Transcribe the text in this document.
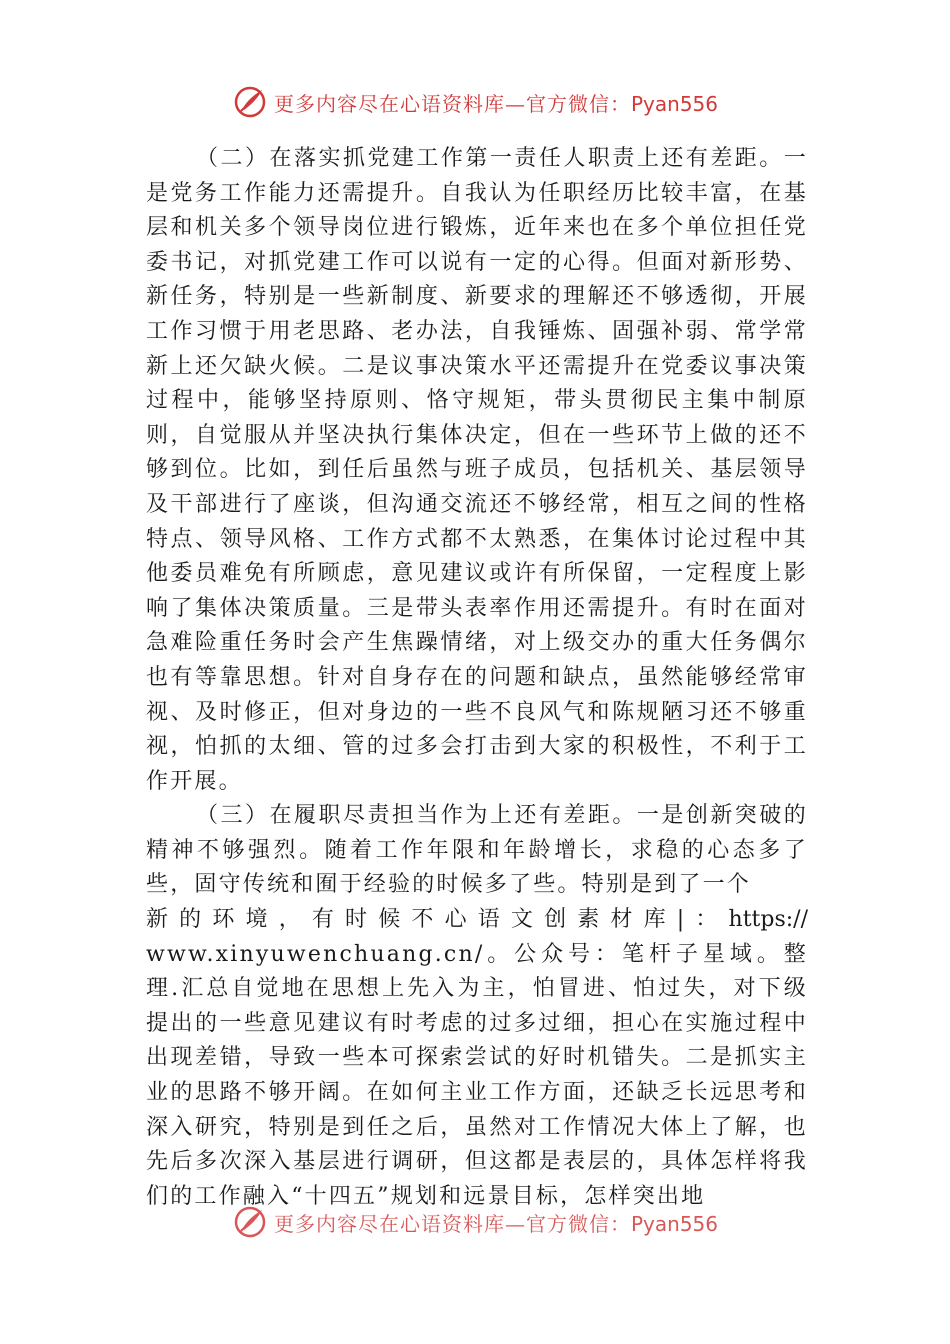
更多内容尽在心语资料库—官方微信：Pyan556

（二）在落实抓党建工作第一责任人职责上还有差距。一是党务工作能力还需提升。自我认为任职经历比较丰富，在基层和机关多个领导岗位进行锻炼，近年来也在多个单位担任党委书记，对抓党建工作可以说有一定的心得。但面对新形势、新任务，特别是一些新制度、新要求的理解还不够透彻，开展工作习惯于用老思路、老办法，自我锤炼、固强补弱、常学常新上还欠缺火候。二是议事决策水平还需提升在党委议事决策过程中，能够坚持原则、恪守规矩，带头贯彻民主集中制原则，自觉服从并坚决执行集体决定，但在一些环节上做的还不够到位。比如，到任后虽然与班子成员，包括机关、基层领导及干部进行了座谈，但沟通交流还不够经常，相互之间的性格特点、领导风格、工作方式都不太熟悉，在集体讨论过程中其他委员难免有所顾虑，意见建议或许有所保留，一定程度上影响了集体决策质量。三是带头表率作用还需提升。有时在面对急难险重任务时会产生焦躁情绪，对上级交办的重大任务偶尔也有等靠思想。针对自身存在的问题和缺点，虽然能够经常审视、及时修正，但对身边的一些不良风气和陈规陋习还不够重视，怕抓的太细、管的过多会打击到大家的积极性，不利于工作开展。

（三）在履职尽责担当作为上还有差距。一是创新突破的精神不够强烈。随着工作年限和年龄增长，求稳的心态多了些，固守传统和囿于经验的时候多了些。特别是到了一个

新的环境，有时候不心语文创素材库|：https://

www.xinyuwenchuang.cn/。公众号：笔杆子星域。整理.汇总自觉地在思想上先入为主，怕冒进、怕过失，对下级提出的一些意见建议有时考虑的过多过细，担心在实施过程中出现差错，导致一些本可探索尝试的好时机错失。二是抓实主业的思路不够开阔。在如何主业工作方面，还缺乏长远思考和深入研究，特别是到任之后，虽然对工作情况大体上了解，也先后多次深入基层进行调研，但这都是表层的，具体怎样将我们的工作融入“十四五”规划和远景目标，怎样突出地

更多内容尽在心语资料库—官方微信：Pyan556
